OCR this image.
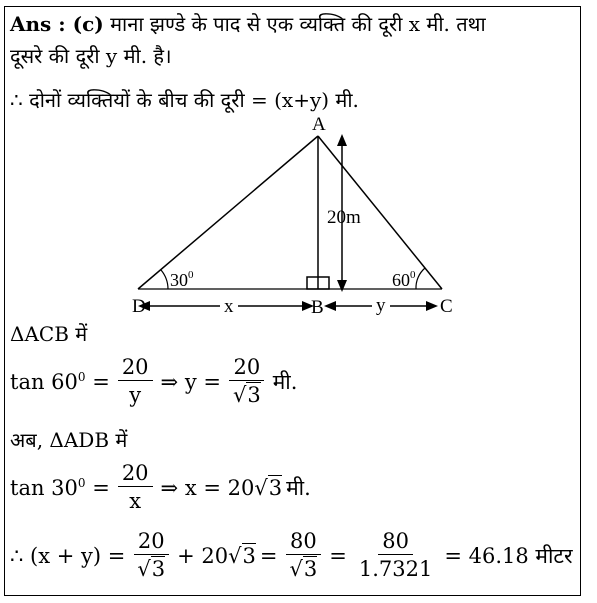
Ans : (c) माना झण्डे के पाद से एक व्यक्ति की दूरी x मी. तथा
दूसरे की दूरी y मी. है।
∴ दोनों व्यक्तियों के बीच की दूरी = (x+y) मी.
A
D	B	C
20m
$30^0$	$60^0$
x	y
ΔACB में
$\tan 60^0 = \frac{20}{y}$ ⇒ $y = \frac{20}{√3}$ मी.
अब, ΔADB में
$\tan 30^0 = \frac{20}{x}$ ⇒ x = 20√3 मी.
∴ $(x + y) = \frac{20}{√3} + 20√3 = \frac{80}{√3} = \frac{80}{1.7321} = 46.18$ मीटर
